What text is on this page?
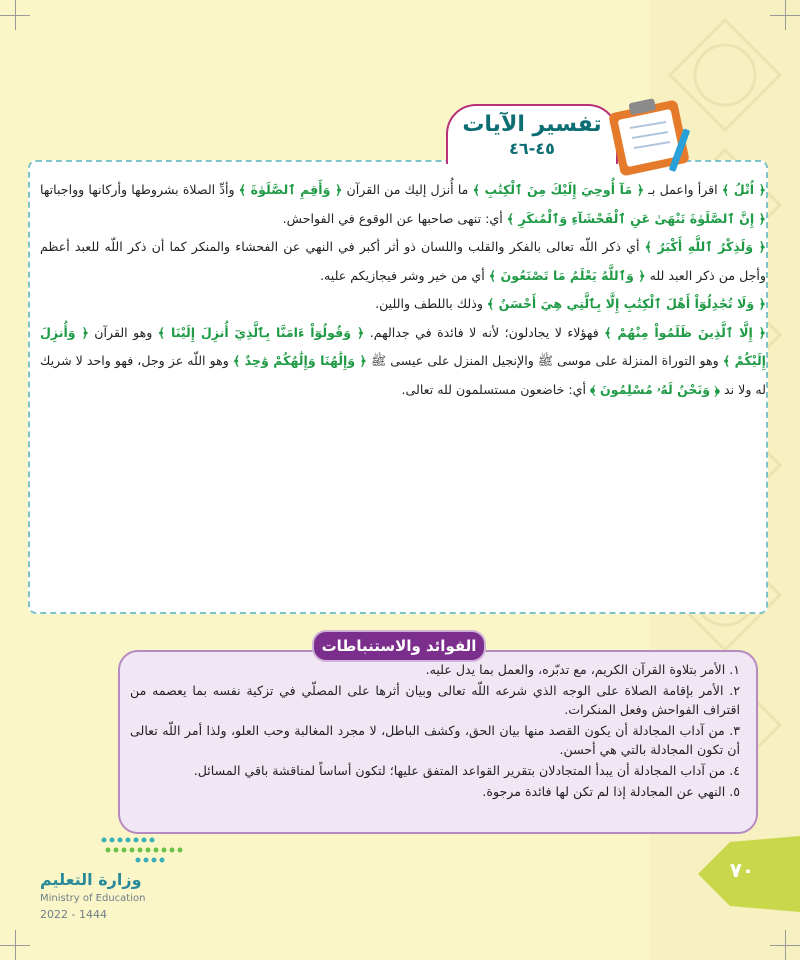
تفسير الآيات
٤٥-٤٦

﴿ اُتْلُ ﴾ اقرأ واعمل بـ ﴿ مَآ أُوحِيَ إِلَيْكَ مِنَ ٱلْكِتَٰبِ ﴾ ما أُنزل إليك من القرآن ﴿ وَأَقِمِ ٱلصَّلَوٰةَ ﴾ وأدِّ الصلاة بشروطها وأركانها وواجباتها ﴿ إِنَّ ٱلصَّلَوٰةَ تَنْهَىٰ عَنِ ٱلْفَحْشَآءِ وَٱلْمُنكَرِ ﴾ أي: تنهى صاحبها عن الوقوع في الفواحش.

﴿ وَلَذِكْرُ ٱللَّهِ أَكْبَرُ ﴾ أي ذكر اللّه تعالى بالفكر والقلب واللسان ذو أثر أكبر في النهي عن الفحشاء والمنكر كما أن ذكر اللّه للعبد أعظم وأجل من ذكر العبد لله ﴿ وَٱللَّهُ يَعْلَمُ مَا تَصْنَعُونَ ﴾ أي من خير وشر فيجازيكم عليه.

﴿ وَلَا تُجَٰدِلُوٓاْ أَهْلَ ٱلْكِتَٰبِ إِلَّا بِٱلَّتِي هِيَ أَحْسَنُ ﴾ وذلك باللطف واللين.

﴿ إِلَّا ٱلَّذِينَ ظَلَمُواْ مِنْهُمْ ﴾ فهؤلاء لا يجادلون؛ لأنه لا فائدة في جدالهم. ﴿ وَقُولُوٓاْ ءَامَنَّا بِٱلَّذِيٓ أُنزِلَ إِلَيْنَا ﴾ وهو القرآن ﴿ وَأُنزِلَ إِلَيْكُمْ ﴾ وهو التوراة المنزلة على موسى ﷺ والإنجيل المنزل على عيسى ﷺ ﴿ وَإِلَٰهُنَا وَإِلَٰهُكُمْ وَٰحِدٌ ﴾ وهو اللّه عز وجل، فهو واحد لا شريك له ولا ند ﴿ وَنَحْنُ لَهُۥ مُسْلِمُونَ ﴾ أي: خاضعون مستسلمون لله تعالى.

الفوائد والاستنباطات
١. الأمر بتلاوة القرآن الكريم، مع تدبّره، والعمل بما يدل عليه.
٢. الأمر بإقامة الصلاة على الوجه الذي شرعه اللّه تعالى وبيان أثرها على المصلّي في تزكية نفسه بما يعصمه من اقتراف الفواحش وفعل المنكرات.
٣. من آداب المجادلة أن يكون القصد منها بيان الحق، وكشف الباطل، لا مجرد المغالبة وحب العلو، ولذا أمر اللّه تعالى أن تكون المجادلة بالتي هي أحسن.
٤. من آداب المجادلة أن يبدأ المتجادلان بتقرير القواعد المتفق عليها؛ لتكون أساساً لمناقشة باقي المسائل.
٥. النهي عن المجادلة إذا لم تكن لها فائدة مرجوة.
٧٠
وزارة التعليم
Ministry of Education
2022 - 1444
